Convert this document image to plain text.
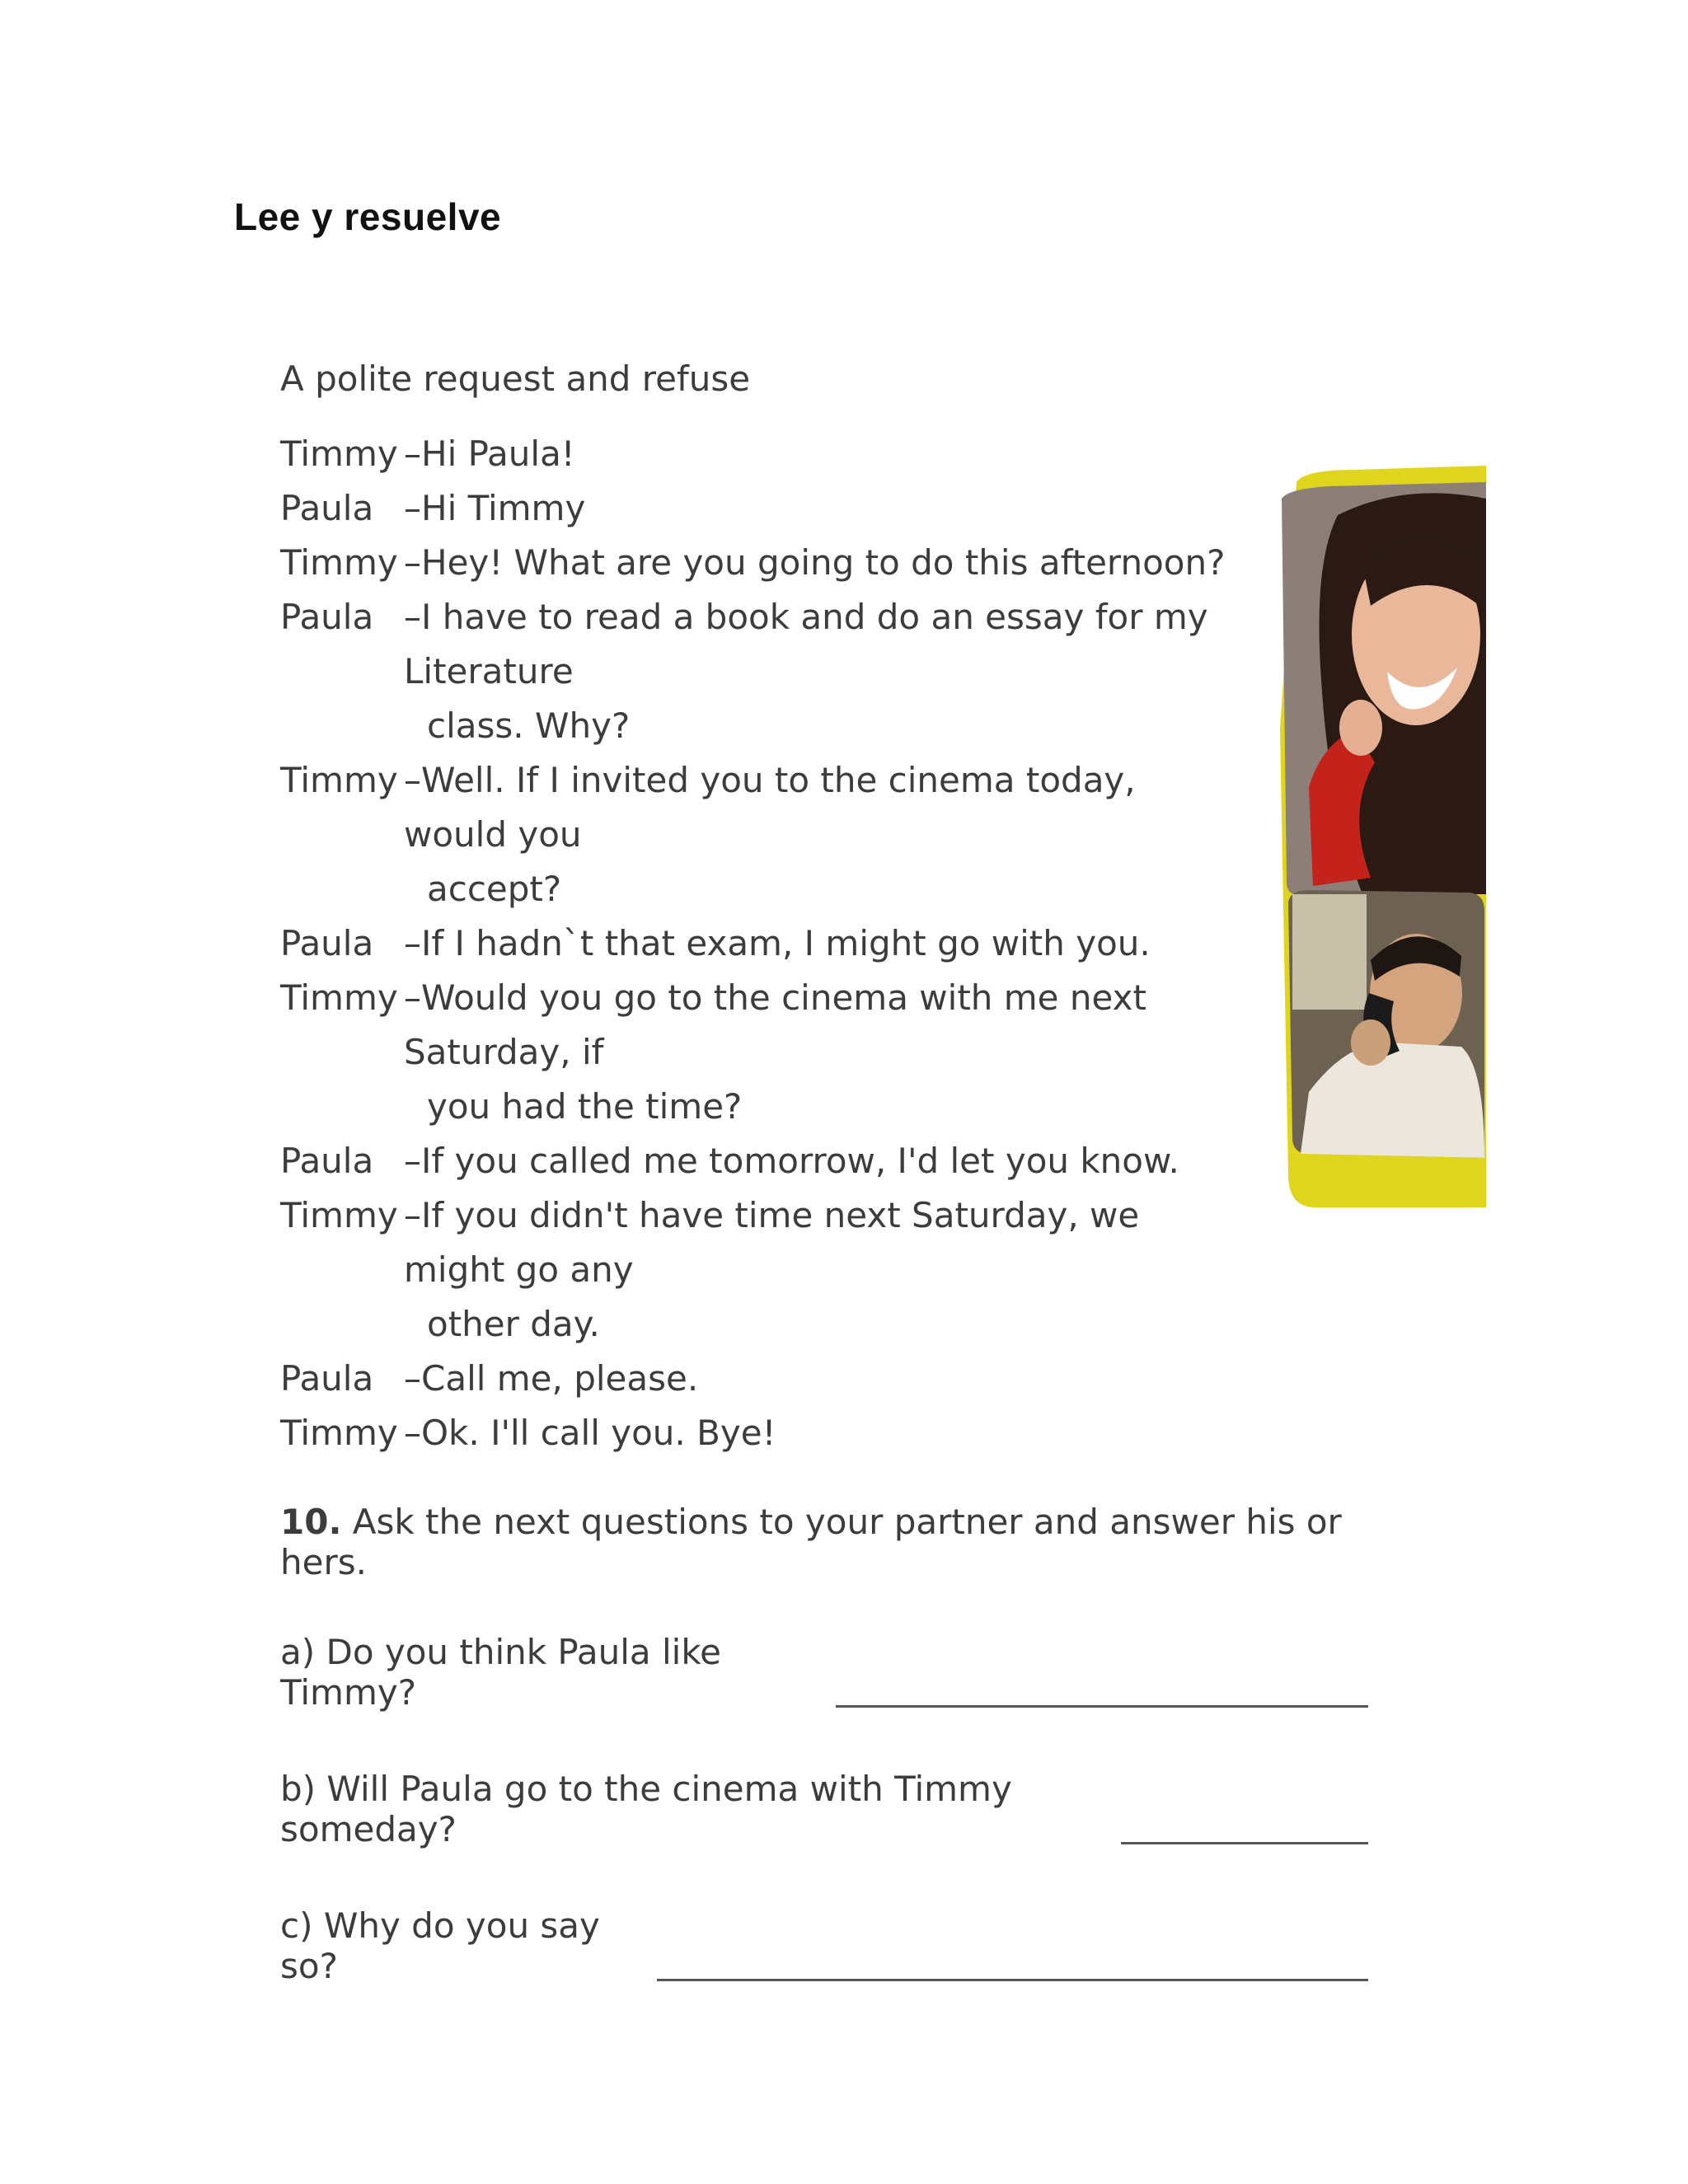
Lee y resuelve
A polite request and refuse
Timmy –Hi Paula!
Paula –Hi Timmy
Timmy –Hey! What are you going to do this afternoon?
Paula –I have to read a book and do an essay for my Literature
class. Why?
Timmy –Well. If I invited you to the cinema today, would you
accept?
Paula –If I hadn`t that exam, I might go with you.
Timmy –Would you go to the cinema with me next Saturday, if
you had the time?
Paula –If you called me tomorrow, I'd let you know.
Timmy –If you didn't have time next Saturday, we might go any
other day.
Paula –Call me, please.
Timmy –Ok. I'll call you. Bye!
10. Ask the next questions to your partner and answer his or hers.
a) Do you think Paula like Timmy?
b) Will Paula go to the cinema with Timmy someday?
c) Why do you say so?
